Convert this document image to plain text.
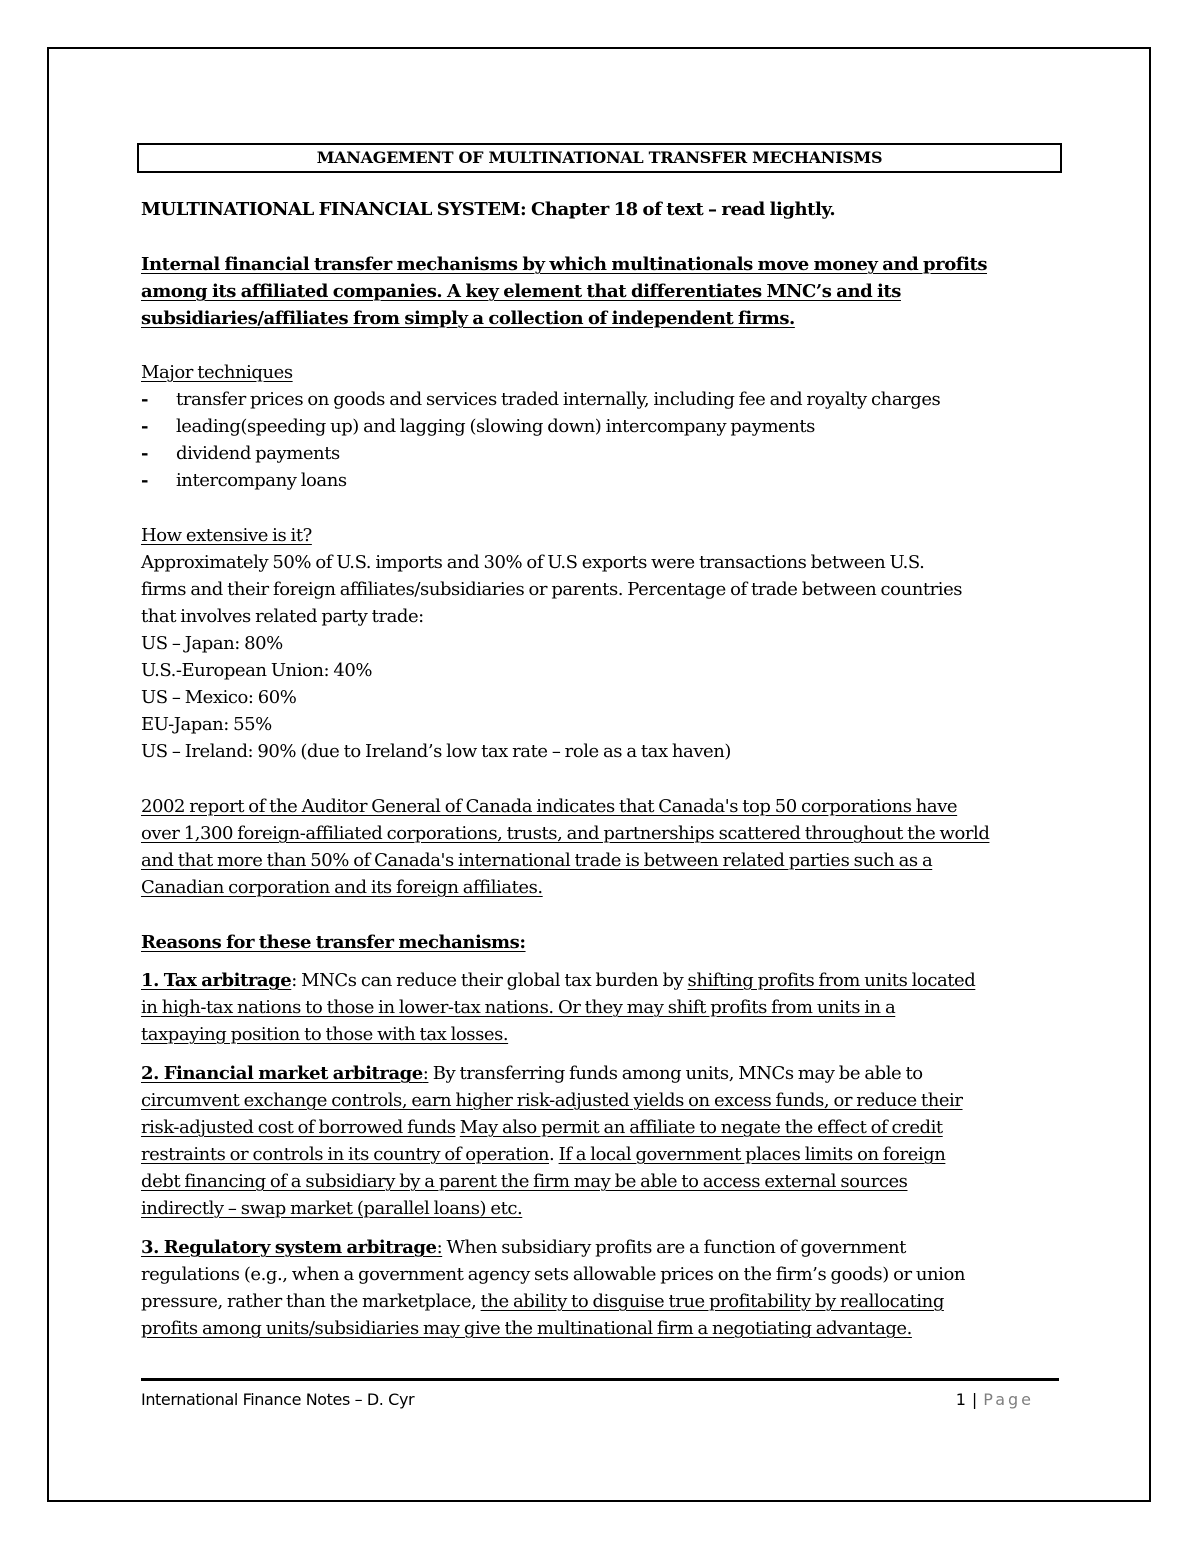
MANAGEMENT OF MULTINATIONAL TRANSFER MECHANISMS
MULTINATIONAL FINANCIAL SYSTEM: Chapter 18 of text – read lightly.
Internal financial transfer mechanisms by which multinationals move money and profits
among its affiliated companies. A key element that differentiates MNC’s and its
subsidiaries/affiliates from simply a collection of independent firms.
Major techniques
- transfer prices on goods and services traded internally, including fee and royalty charges
- leading(speeding up) and lagging (slowing down) intercompany payments
- dividend payments
- intercompany loans
How extensive is it?
Approximately 50% of U.S. imports and 30% of U.S exports were transactions between U.S.
firms and their foreign affiliates/subsidiaries or parents. Percentage of trade between countries
that involves related party trade:
US – Japan: 80%
U.S.-European Union: 40%
US – Mexico: 60%
EU-Japan: 55%
US – Ireland: 90% (due to Ireland’s low tax rate – role as a tax haven)
2002 report of the Auditor General of Canada indicates that Canada's top 50 corporations have
over 1,300 foreign-affiliated corporations, trusts, and partnerships scattered throughout the world
and that more than 50% of Canada's international trade is between related parties such as a
Canadian corporation and its foreign affiliates.
Reasons for these transfer mechanisms:
1. Tax arbitrage: MNCs can reduce their global tax burden by shifting profits from units located
in high-tax nations to those in lower-tax nations. Or they may shift profits from units in a
taxpaying position to those with tax losses.
2. Financial market arbitrage: By transferring funds among units, MNCs may be able to
circumvent exchange controls, earn higher risk-adjusted yields on excess funds, or reduce their
risk-adjusted cost of borrowed funds May also permit an affiliate to negate the effect of credit
restraints or controls in its country of operation. If a local government places limits on foreign
debt financing of a subsidiary by a parent the firm may be able to access external sources
indirectly – swap market (parallel loans) etc.
3. Regulatory system arbitrage: When subsidiary profits are a function of government
regulations (e.g., when a government agency sets allowable prices on the firm’s goods) or union
pressure, rather than the marketplace, the ability to disguise true profitability by reallocating
profits among units/subsidiaries may give the multinational firm a negotiating advantage.
International Finance Notes – D. Cyr	1 | Page
